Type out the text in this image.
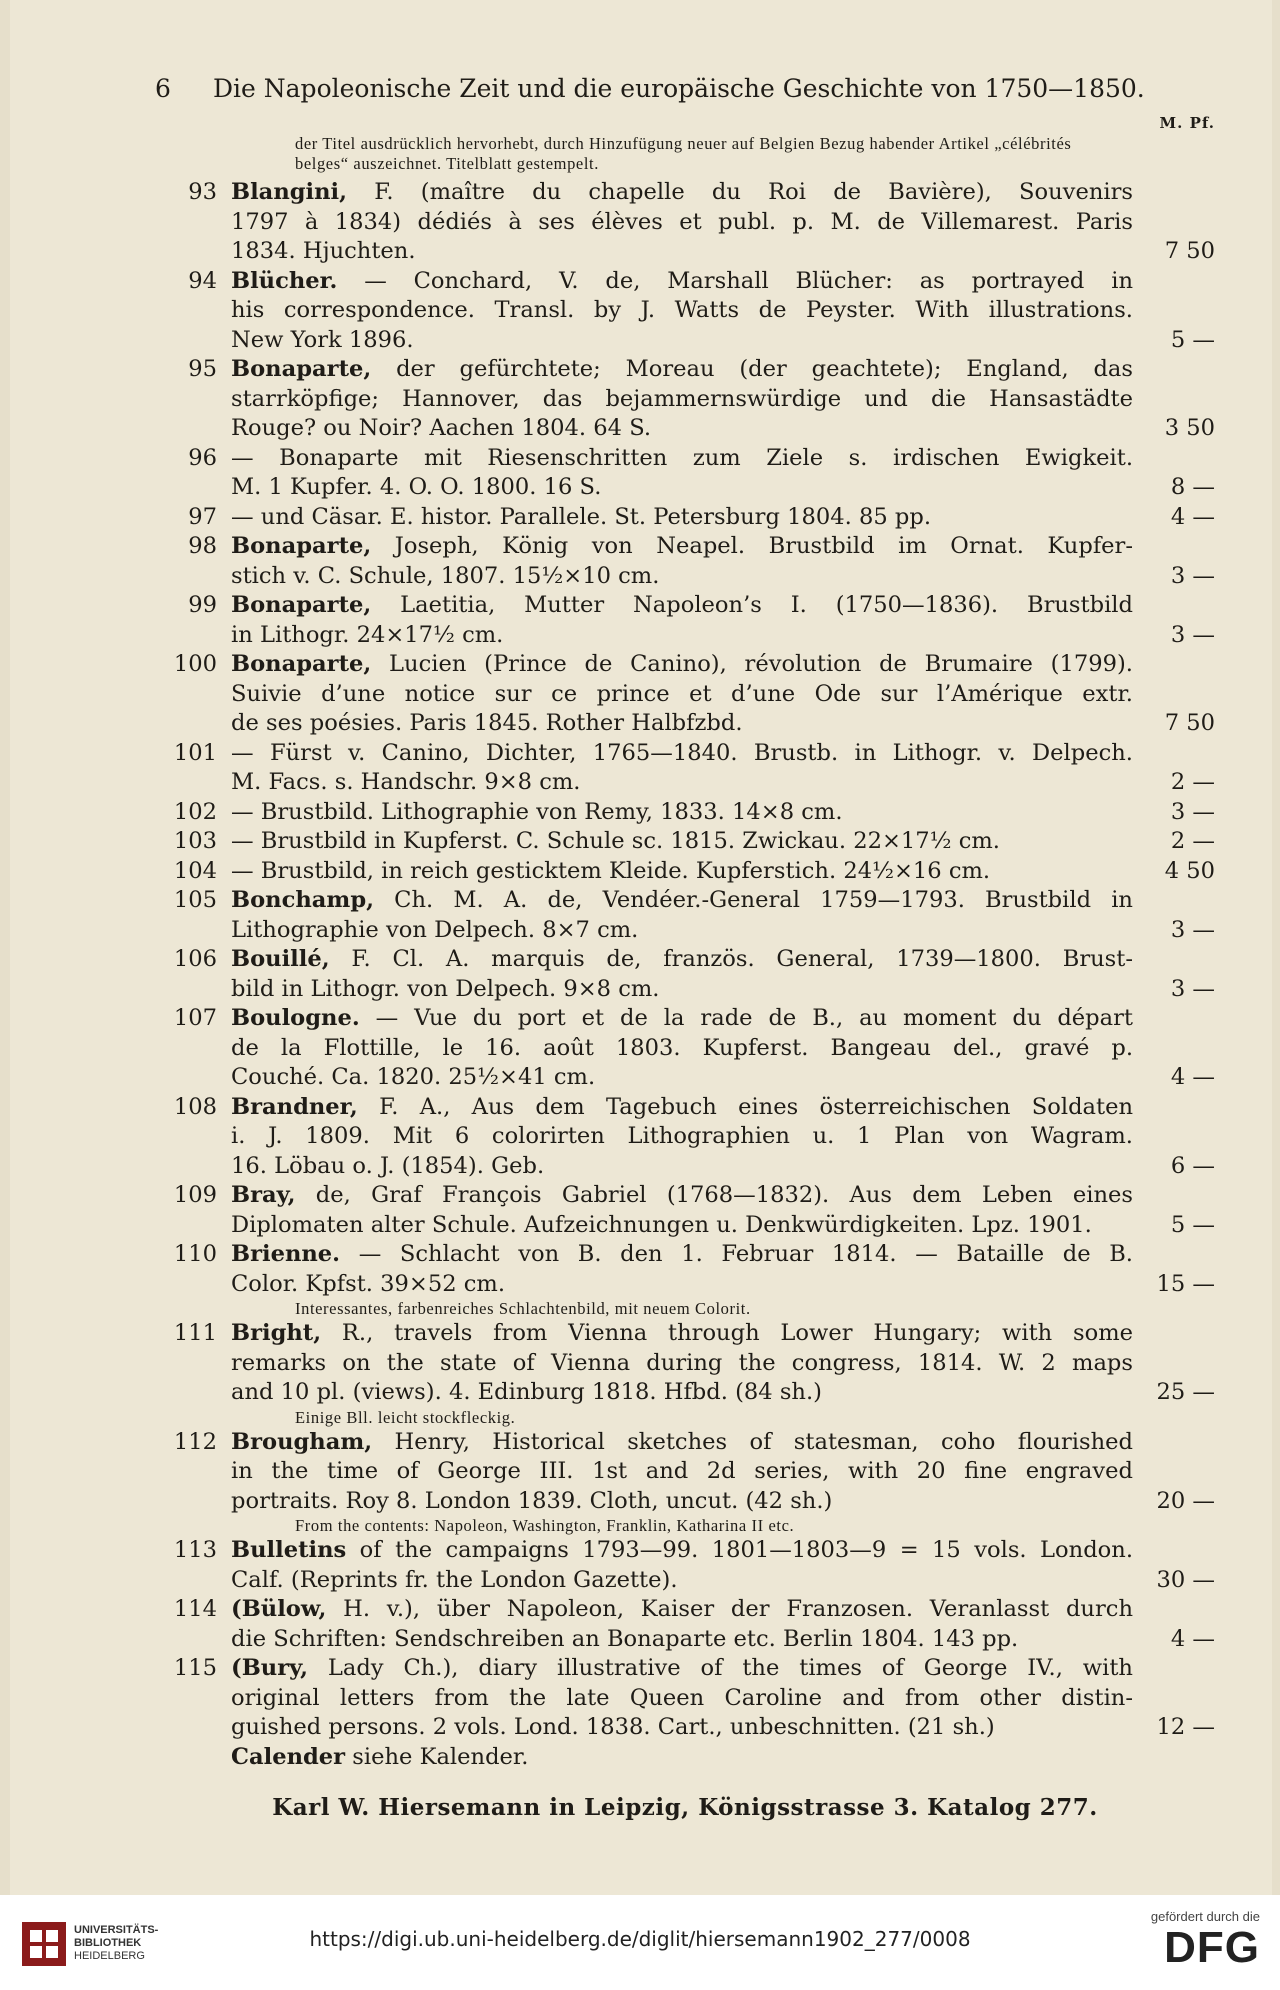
6	Die Napoleonische Zeit und die europäische Geschichte von 1750—1850.
M. Pf.
der Titel ausdrücklich hervorhebt, durch Hinzufügung neuer auf Belgien Bezug habender Artikel „célébrités belges“ auszeichnet. Titelblatt gestempelt.
93 Blangini, F. (maître du chapelle du Roi de Bavière), Souvenirs
1797 à 1834) dédiés à ses élèves et publ. p. M. de Villemarest. Paris
1834. Hjuchten.	7 50
94 Blücher. — Conchard, V. de, Marshall Blücher: as portrayed in
his correspondence. Transl. by J. Watts de Peyster. With illustrations.
New York 1896.	5 —
95 Bonaparte, der gefürchtete; Moreau (der geachtete); England, das
starrköpfige; Hannover, das bejammernswürdige und die Hansastädte
Rouge? ou Noir? Aachen 1804. 64 S.	3 50
96 — Bonaparte mit Riesenschritten zum Ziele s. irdischen Ewigkeit.
M. 1 Kupfer. 4. O. O. 1800. 16 S.	8 —
97 — und Cäsar. E. histor. Parallele. St. Petersburg 1804. 85 pp.	4 —
98 Bonaparte, Joseph, König von Neapel. Brustbild im Ornat. Kupfer-
stich v. C. Schule, 1807. 15½×10 cm.	3 —
99 Bonaparte, Laetitia, Mutter Napoleon’s I. (1750—1836). Brustbild
in Lithogr. 24×17½ cm.	3 —
100 Bonaparte, Lucien (Prince de Canino), révolution de Brumaire (1799).
Suivie d’une notice sur ce prince et d’une Ode sur l’Amérique extr.
de ses poésies. Paris 1845. Rother Halbfzbd.	7 50
101 — Fürst v. Canino, Dichter, 1765—1840. Brustb. in Lithogr. v. Delpech.
M. Facs. s. Handschr. 9×8 cm.	2 —
102 — Brustbild. Lithographie von Remy, 1833. 14×8 cm.	3 —
103 — Brustbild in Kupferst. C. Schule sc. 1815. Zwickau. 22×17½ cm.	2 —
104 — Brustbild, in reich gesticktem Kleide. Kupferstich. 24½×16 cm.	4 50
105 Bonchamp, Ch. M. A. de, Vendéer.-General 1759—1793. Brustbild in
Lithographie von Delpech. 8×7 cm.	3 —
106 Bouillé, F. Cl. A. marquis de, französ. General, 1739—1800. Brust-
bild in Lithogr. von Delpech. 9×8 cm.	3 —
107 Boulogne. — Vue du port et de la rade de B., au moment du départ
de la Flottille, le 16. août 1803. Kupferst. Bangeau del., gravé p.
Couché. Ca. 1820. 25½×41 cm.	4 —
108 Brandner, F. A., Aus dem Tagebuch eines österreichischen Soldaten
i. J. 1809. Mit 6 colorirten Lithographien u. 1 Plan von Wagram.
16. Löbau o. J. (1854). Geb.	6 —
109 Bray, de, Graf François Gabriel (1768—1832). Aus dem Leben eines
Diplomaten alter Schule. Aufzeichnungen u. Denkwürdigkeiten. Lpz. 1901.	5 —
110 Brienne. — Schlacht von B. den 1. Februar 1814. — Bataille de B.
Color. Kpfst. 39×52 cm.	15 —
Interessantes, farbenreiches Schlachtenbild, mit neuem Colorit.
111 Bright, R., travels from Vienna through Lower Hungary; with some
remarks on the state of Vienna during the congress, 1814. W. 2 maps
and 10 pl. (views). 4. Edinburg 1818. Hfbd. (84 sh.)	25 —
Einige Bll. leicht stockfleckig.
112 Brougham, Henry, Historical sketches of statesman, coho flourished
in the time of George III. 1st and 2d series, with 20 fine engraved
portraits. Roy 8. London 1839. Cloth, uncut. (42 sh.)	20 —
From the contents: Napoleon, Washington, Franklin, Katharina II etc.
113 Bulletins of the campaigns 1793—99. 1801—1803—9 = 15 vols. London.
Calf. (Reprints fr. the London Gazette).	30 —
114 (Bülow, H. v.), über Napoleon, Kaiser der Franzosen. Veranlasst durch
die Schriften: Sendschreiben an Bonaparte etc. Berlin 1804. 143 pp.	4 —
115 (Bury, Lady Ch.), diary illustrative of the times of George IV., with
original letters from the late Queen Caroline and from other distin-
guished persons. 2 vols. Lond. 1838. Cart., unbeschnitten. (21 sh.)	12 —
Calender siehe Kalender.
Karl W. Hiersemann in Leipzig, Königsstrasse 3. Katalog 277.
UNIVERSITÄTS-
BIBLIOTHEK
HEIDELBERG
https://digi.ub.uni-heidelberg.de/diglit/hiersemann1902_277/0008
gefördert durch die
DFG
